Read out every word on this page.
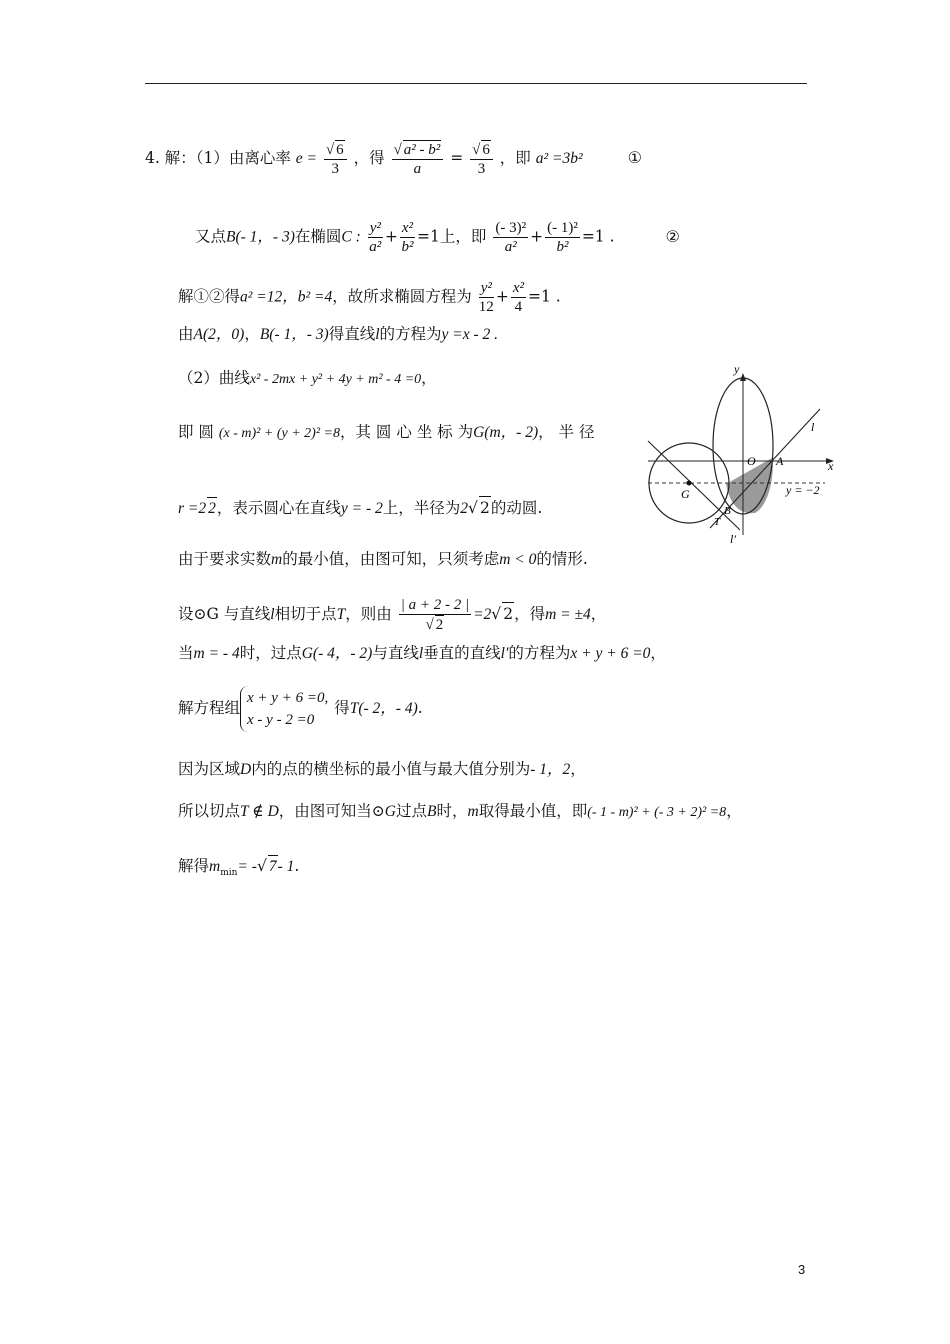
4. 解：（1）由离心率 $e = \frac{√ 6}{3}$ ，得 $\frac{\text{√ a² - b²}}{a} = \frac{√ 6}{3}$ ，即 a² =3b²	①
又点B(- 1，- 3)在椭圆C : $\frac{\text{y²}}{\text{a²}} + \frac{\text{x²}}{\text{b²}} =1$上，即 $\frac{\text{(- 3)²}}{\text{a²}} + \frac{\text{(- 1)²}}{\text{b²}} =1$ .	②
解①②得a² =12，b² =4，故所求椭圆方程为 $\frac{\text{y²}}{12} + \frac{\text{x²}}{4} =1$ .
由A(2，0)，B(- 1，- 3)得直线l的方程为y =x - 2 .
（2）曲线x² - 2mx + y² + 4y + m² - 4 =0，
即 圆 (x - m)² + (y + 2)² =8，其 圆 心 坐 标 为G(m，- 2)， 半 径
r =2 2，表示圆心在直线y = - 2上，半径为2√ 2的动圆.
由于要求实数m的最小值，由图可知，只须考虑m < 0的情形.
设⊙G 与直线l相切于点T，则由 $\frac{| a + 2 - 2 |}{√ 2} =2√$ 2，得m = ±4，
当m = - 4时，过点G(- 4，- 2)与直线l垂直的直线l′的方程为x + y + 6 =0，
解方程组
x + y + 6 =0,
x - y - 2 =0
得T(- 2，- 4).
因为区域D内的点的横坐标的最小值与最大值分别为- 1，2，
所以切点T ∉ D，由图可知当⊙G过点B时，m取得最小值，即(- 1 - m)² + (- 3 + 2)² =8，
解得$m_{min}=$ -√ 7- 1.
y
x
O A
G
B
T
l
l′
y = −2
3
